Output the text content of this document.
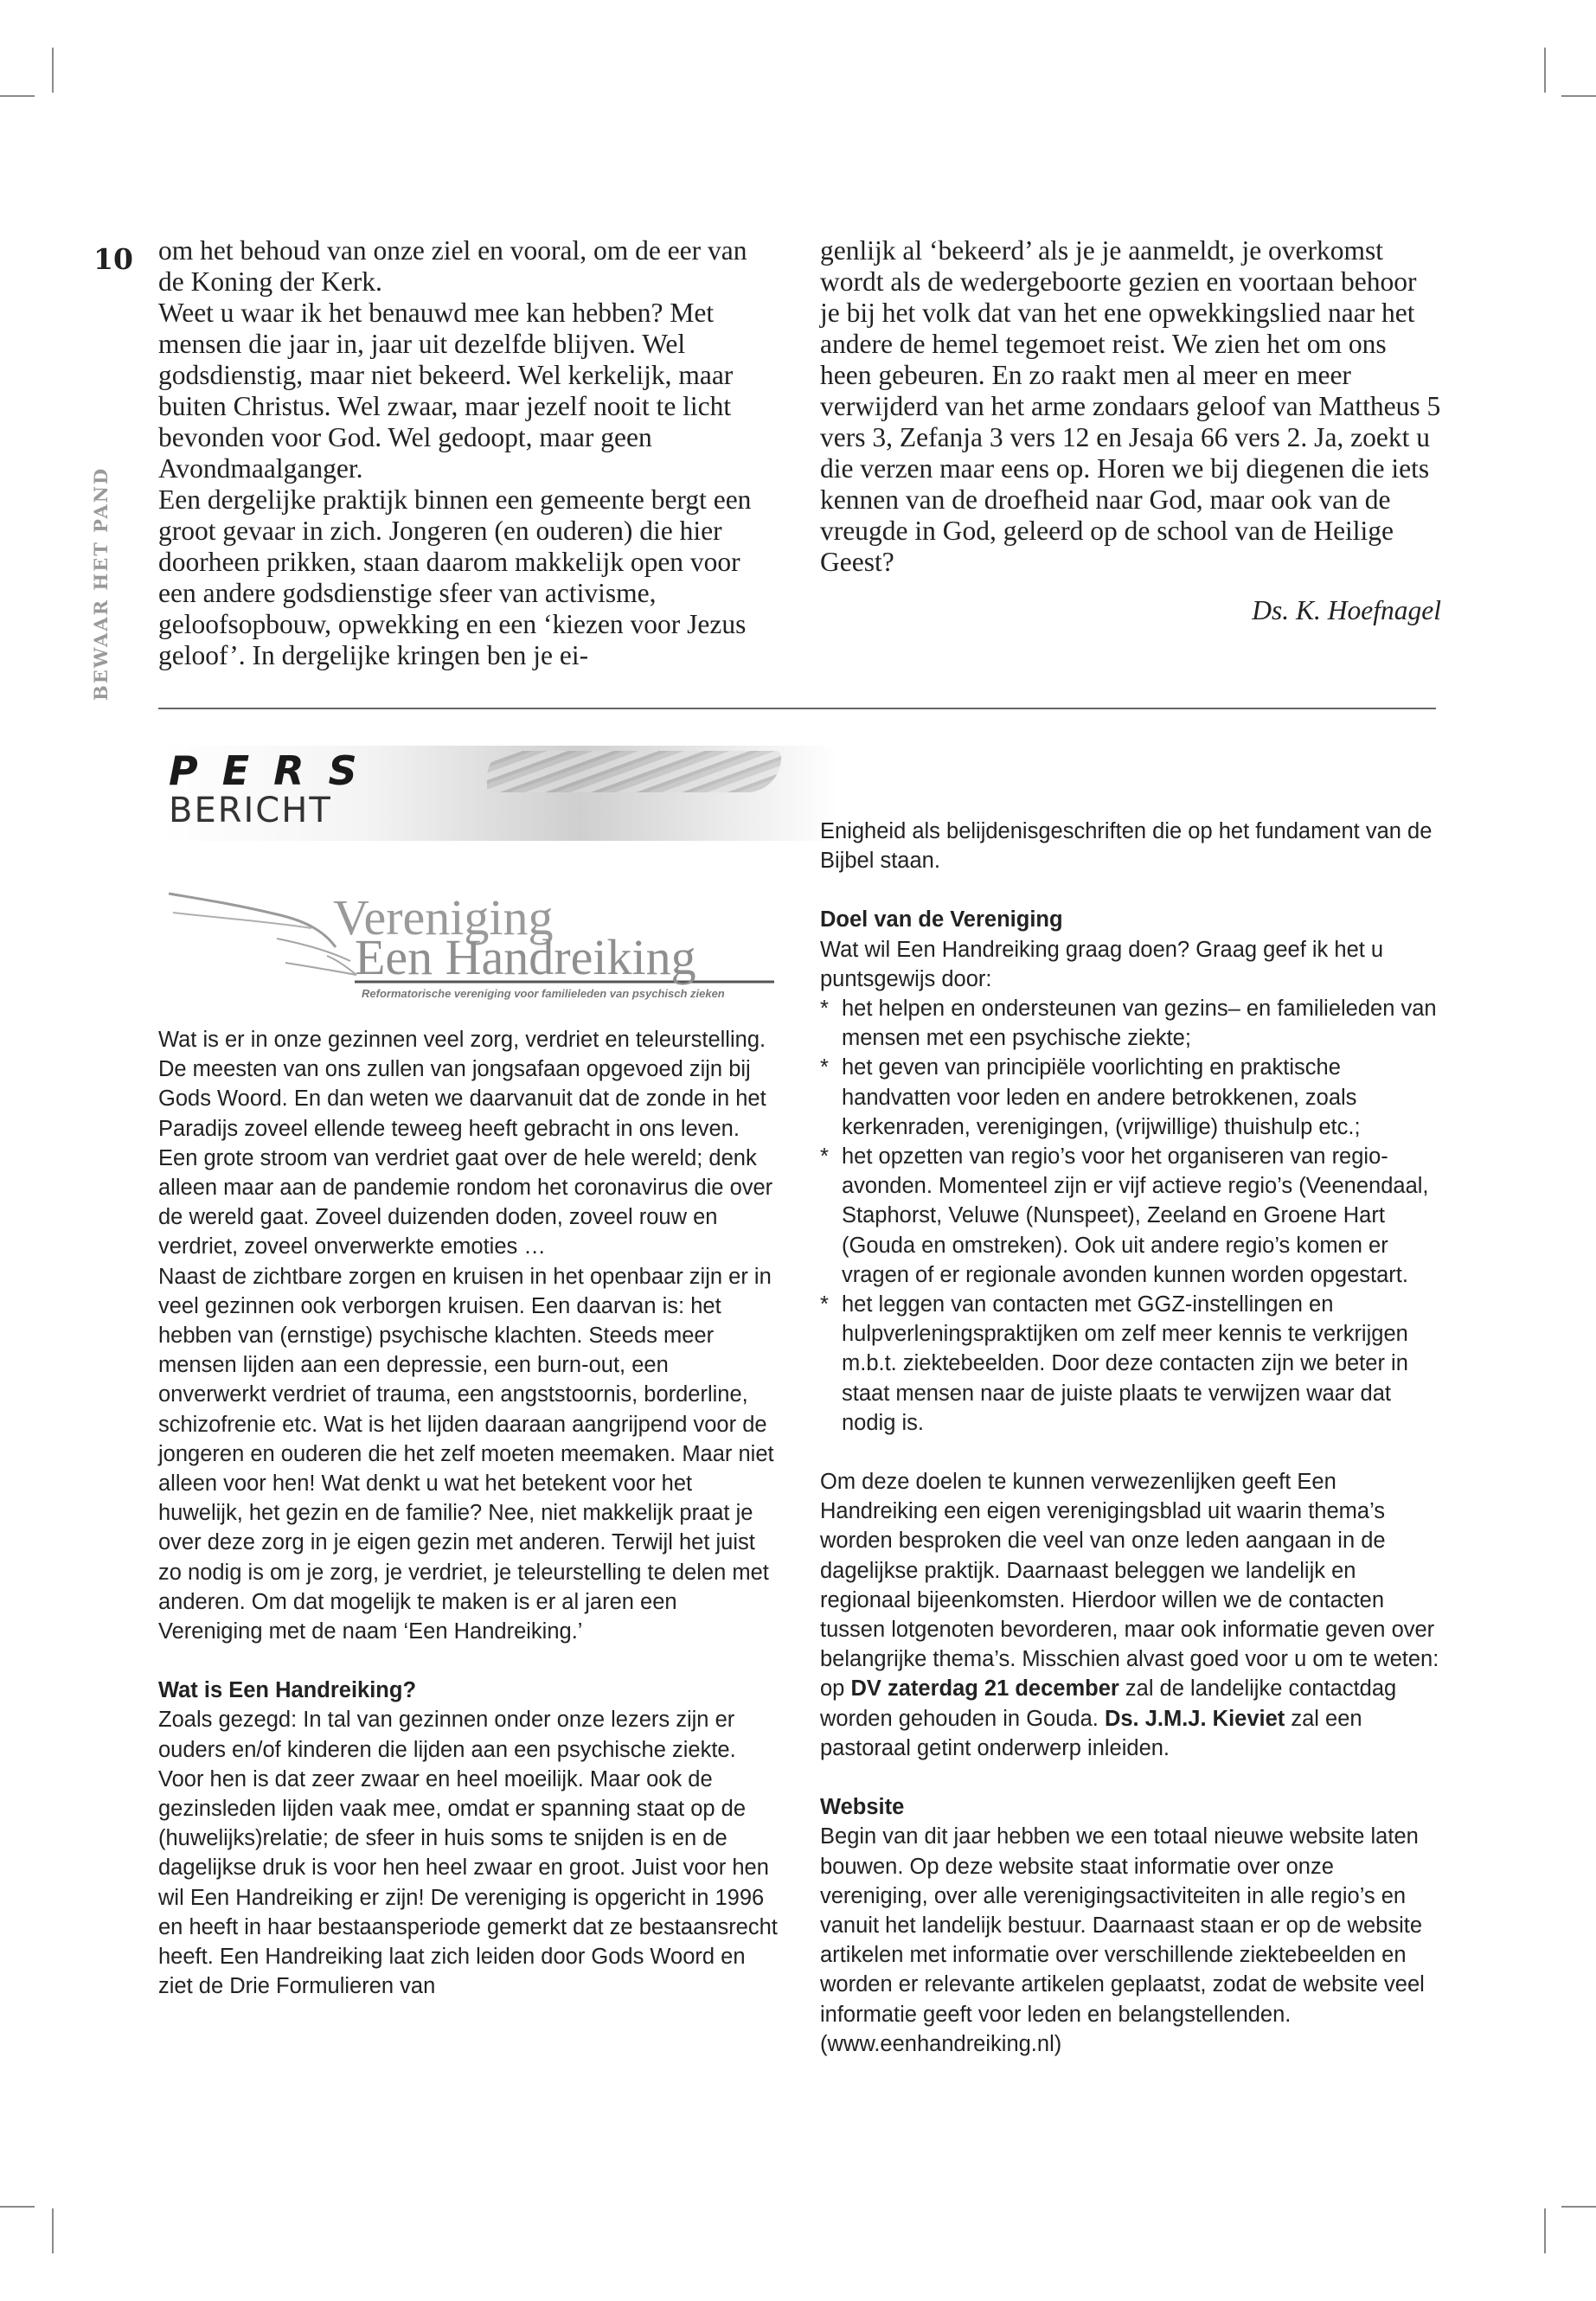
10
BEWAAR HET PAND

om het behoud van onze ziel en vooral, om de eer van de Koning der Kerk.

Weet u waar ik het benauwd mee kan hebben? Met mensen die jaar in, jaar uit dezelfde blijven. Wel godsdienstig, maar niet bekeerd. Wel kerkelijk, maar buiten Christus. Wel zwaar, maar jezelf nooit te licht bevonden voor God. Wel gedoopt, maar geen Avondmaalganger.

Een dergelijke praktijk binnen een gemeente bergt een groot gevaar in zich. Jongeren (en ouderen) die hier doorheen prikken, staan daarom makkelijk open voor een andere godsdienstige sfeer van activisme, geloofsopbouw, opwekking en een ‘kiezen voor Jezus geloof’. In dergelijke kringen ben je ei-

genlijk al ‘bekeerd’ als je je aanmeldt, je overkomst wordt als de wedergeboorte gezien en voortaan behoor je bij het volk dat van het ene opwekkingslied naar het andere de hemel tegemoet reist. We zien het om ons heen gebeuren. En zo raakt men al meer en meer verwijderd van het arme zondaars geloof van Mattheus 5 vers 3, Zefanja 3 vers 12 en Jesaja 66 vers 2. Ja, zoekt u die verzen maar eens op. Horen we bij diegenen die iets kennen van de droefheid naar God, maar ook van de vreugde in God, geleerd op de school van de Heilige Geest?

Ds. K. Hoefnagel

PERS
BERICHT
Vereniging
Een Handreiking
Reformatorische vereniging voor familieleden van psychisch zieken

Wat is er in onze gezinnen veel zorg, verdriet en teleurstelling. De meesten van ons zullen van jongsafaan opgevoed zijn bij Gods Woord. En dan weten we daarvanuit dat de zonde in het Paradijs zoveel ellende teweeg heeft gebracht in ons leven. Een grote stroom van verdriet gaat over de hele wereld; denk alleen maar aan de pandemie rondom het coronavirus die over de wereld gaat. Zoveel duizenden doden, zoveel rouw en verdriet, zoveel onverwerkte emoties …

Naast de zichtbare zorgen en kruisen in het openbaar zijn er in veel gezinnen ook verborgen kruisen. Een daarvan is: het hebben van (ernstige) psychische klachten. Steeds meer mensen lijden aan een depressie, een burn-out, een onverwerkt verdriet of trauma, een angststoornis, borderline, schizofrenie etc. Wat is het lijden daaraan aangrijpend voor de jongeren en ouderen die het zelf moeten meemaken. Maar niet alleen voor hen! Wat denkt u wat het betekent voor het huwelijk, het gezin en de familie? Nee, niet makkelijk praat je over deze zorg in je eigen gezin met anderen. Terwijl het juist zo nodig is om je zorg, je verdriet, je teleurstelling te delen met anderen. Om dat mogelijk te maken is er al jaren een Vereniging met de naam ‘Een Handreiking.’

Wat is Een Handreiking?

Zoals gezegd: In tal van gezinnen onder onze lezers zijn er ouders en/of kinderen die lijden aan een psychische ziekte. Voor hen is dat zeer zwaar en heel moeilijk. Maar ook de gezinsleden lijden vaak mee, omdat er spanning staat op de (huwelijks)relatie; de sfeer in huis soms te snijden is en de dagelijkse druk is voor hen heel zwaar en groot. Juist voor hen wil Een Handreiking er zijn! De vereniging is opgericht in 1996 en heeft in haar bestaansperiode gemerkt dat ze bestaansrecht heeft. Een Handreiking laat zich leiden door Gods Woord en ziet de Drie Formulieren van

Enigheid als belijdenisgeschriften die op het fundament van de Bijbel staan.

Doel van de Vereniging

Wat wil Een Handreiking graag doen? Graag geef ik het u puntsgewijs door:

* het helpen en ondersteunen van gezins– en familieleden van mensen met een psychische ziekte;
* het geven van principiële voorlichting en praktische handvatten voor leden en andere betrokkenen, zoals kerkenraden, verenigingen, (vrijwillige) thuishulp etc.;
* het opzetten van regio’s voor het organiseren van regio-avonden. Momenteel zijn er vijf actieve regio’s (Veenendaal, Staphorst, Veluwe (Nunspeet), Zeeland en Groene Hart (Gouda en omstreken). Ook uit andere regio’s komen er vragen of er regionale avonden kunnen worden opgestart.
* het leggen van contacten met GGZ-instellingen en hulpverleningspraktijken om zelf meer kennis te verkrijgen m.b.t. ziektebeelden. Door deze contacten zijn we beter in staat mensen naar de juiste plaats te verwijzen waar dat nodig is.

Om deze doelen te kunnen verwezenlijken geeft Een Handreiking een eigen verenigingsblad uit waarin thema’s worden besproken die veel van onze leden aangaan in de dagelijkse praktijk. Daarnaast beleggen we landelijk en regionaal bijeenkomsten. Hierdoor willen we de contacten tussen lotgenoten bevorderen, maar ook informatie geven over belangrijke thema’s. Misschien alvast goed voor u om te weten: op DV zaterdag 21 december zal de landelijke contactdag worden gehouden in Gouda. Ds. J.M.J. Kieviet zal een pastoraal getint onderwerp inleiden.

Website

Begin van dit jaar hebben we een totaal nieuwe website laten bouwen. Op deze website staat informatie over onze vereniging, over alle verenigingsactiviteiten in alle regio’s en vanuit het landelijk bestuur. Daarnaast staan er op de website artikelen met informatie over verschillende ziektebeelden en worden er relevante artikelen geplaatst, zodat de website veel informatie geeft voor leden en belangstellenden. (www.eenhandreiking.nl)
